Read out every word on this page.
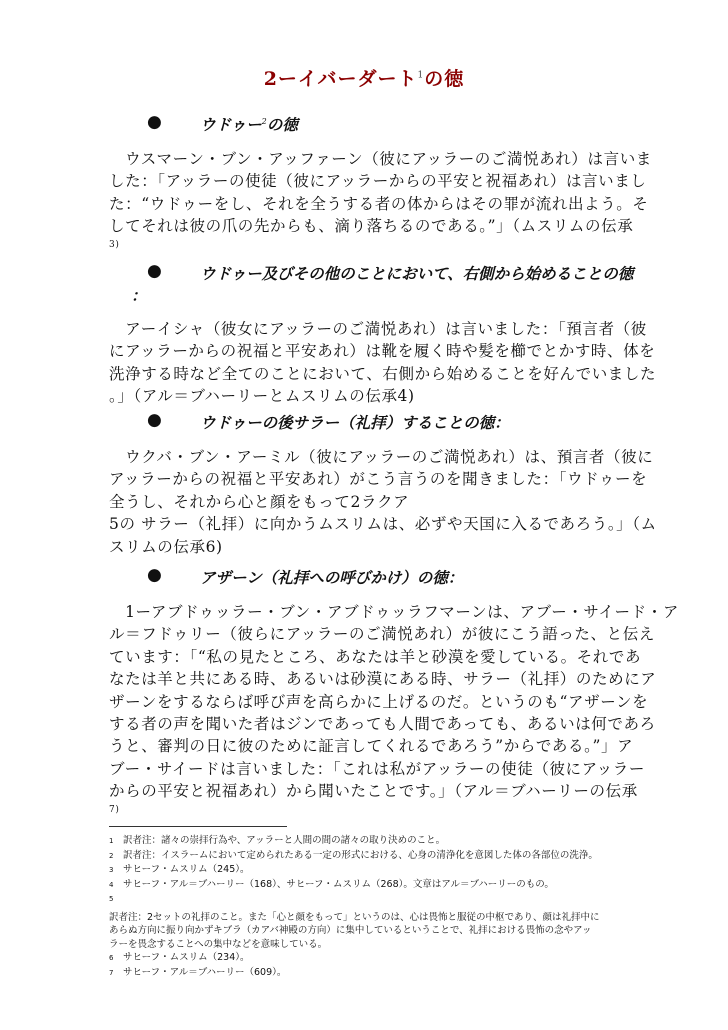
2ーイバーダート$^1$の徳
● ウドゥー$^2$の徳
　ウスマーン・ブン・アッファーン（彼にアッラーのご満悦あれ）は言いま
した：「アッラーの使徒（彼にアッラーからの平安と祝福あれ）は言いまし
た：“ウドゥーをし、それを全うする者の体からはその罪が流れ出よう。そ
してそれは彼の爪の先からも、滴り落ちるのである。”」（ムスリムの伝承
3)
● ウドゥー及びその他のことにおいて、右側から始めることの徳
：
　アーイシャ（彼女にアッラーのご満悦あれ）は言いました：「預言者（彼
にアッラーからの祝福と平安あれ）は靴を履く時や髪を櫛でとかす時、体を
洗浄する時など全てのことにおいて、右側から始めることを好んでいました
。」（アル＝ブハーリーとムスリムの伝承4)
● ウドゥーの後サラー（礼拝）することの徳：
　ウクバ・ブン・アーミル（彼にアッラーのご満悦あれ）は、預言者（彼に
アッラーからの祝福と平安あれ）がこう言うのを聞きました：「ウドゥーを
全うし、それから心と顔をもって2ラクア
5の サラー（礼拝）に向かうムスリムは、必ずや天国に入るであろう。」（ム
スリムの伝承6)
● アザーン（礼拝への呼びかけ）の徳：
　1ーアブドゥッラー・ブン・アブドゥッラフマーンは、アブー・サイード・ア
ル＝フドゥリー（彼らにアッラーのご満悦あれ）が彼にこう語った、と伝え
ています：「“私の見たところ、あなたは羊と砂漠を愛している。それであ
なたは羊と共にある時、あるいは砂漠にある時、サラー（礼拝）のためにア
ザーンをするならば呼び声を高らかに上げるのだ。というのも“アザーンを
する者の声を聞いた者はジンであっても人間であっても、あるいは何であろ
うと、審判の日に彼のために証言してくれるであろう”からである。”」ア
ブー・サイードは言いました：「これは私がアッラーの使徒（彼にアッラー
からの平安と祝福あれ）から聞いたことです。」（アル＝ブハーリーの伝承
7)
1　 訳者注：諸々の崇拝行為や、アッラーと人間の間の諸々の取り決めのこと。
2　 訳者注：イスラームにおいて定められたある一定の形式における、心身の清浄化を意図した体の各部位の洗浄。
3　 サヒーフ・ムスリム（245）。
4　 サヒーフ・アル＝ブハーリー（168）、サヒーフ・ムスリム（268）。文章はアル＝ブハーリーのもの。
5
訳者注：2セットの礼拝のこと。また「心と顔をもって」というのは、心は畏怖と服従の中枢であり、顔は礼拝中に
あらぬ方向に振り向かずキブラ（カアバ神殿の方向）に集中しているということで、礼拝における畏怖の念やアッ
ラーを畏念することへの集中などを意味している。
6　 サヒーフ・ムスリム（234）。
7　 サヒーフ・アル＝ブハーリー（609）。
